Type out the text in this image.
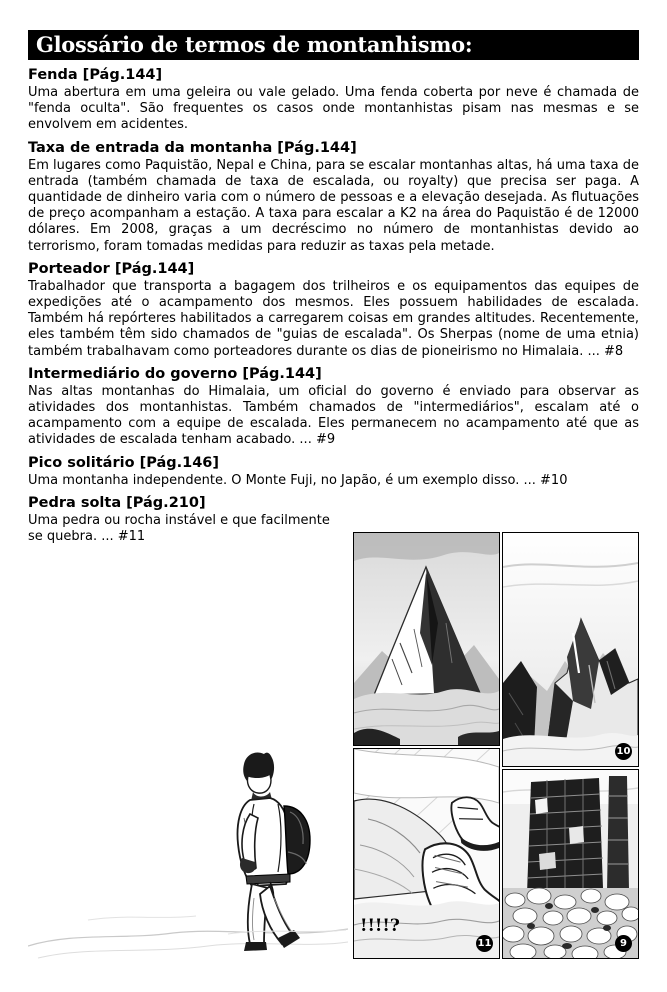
Glossário de termos de montanhismo:
Fenda [Pág.144]
Uma abertura em uma geleira ou vale gelado. Uma fenda coberta por neve é chamada de "fenda oculta". São frequentes os casos onde montanhistas pisam nas mesmas e se envolvem em acidentes.
Taxa de entrada da montanha [Pág.144]
Em lugares como Paquistão, Nepal e China, para se escalar montanhas altas, há uma taxa de entrada (também chamada de taxa de escalada, ou royalty) que precisa ser paga. A quantidade de dinheiro varia com o número de pessoas e a elevação desejada. As flutuações de preço acompanham a estação. A taxa para escalar a K2 na área do Paquistão é de 12000 dólares. Em 2008, graças a um decréscimo no número de montanhistas devido ao terrorismo, foram tomadas medidas para reduzir as taxas pela metade.
Porteador [Pág.144]
Trabalhador que transporta a bagagem dos trilheiros e os equipamentos das equipes de expedições até o acampamento dos mesmos. Eles possuem habilidades de escalada. Também há repórteres habilitados a carregarem coisas em grandes altitudes. Recentemente, eles também têm sido chamados de "guias de escalada". Os Sherpas (nome de uma etnia) também trabalhavam como porteadores durante os dias de pioneirismo no Himalaia. ... #8
Intermediário do governo [Pág.144]
Nas altas montanhas do Himalaia, um oficial do governo é enviado para observar as atividades dos montanhistas. Também chamados de "intermediários", escalam até o acampamento com a equipe de escalada. Eles permanecem no acampamento até que as atividades de escalada tenham acabado. ... #9
Pico solitário [Pág.146]
Uma montanha independente. O Monte Fuji, no Japão, é um exemplo disso. ... #10
Pedra solta [Pág.210]
Uma pedra ou rocha instável e que facilmente se quebra. ... #11
10
!!!!?
11	9
